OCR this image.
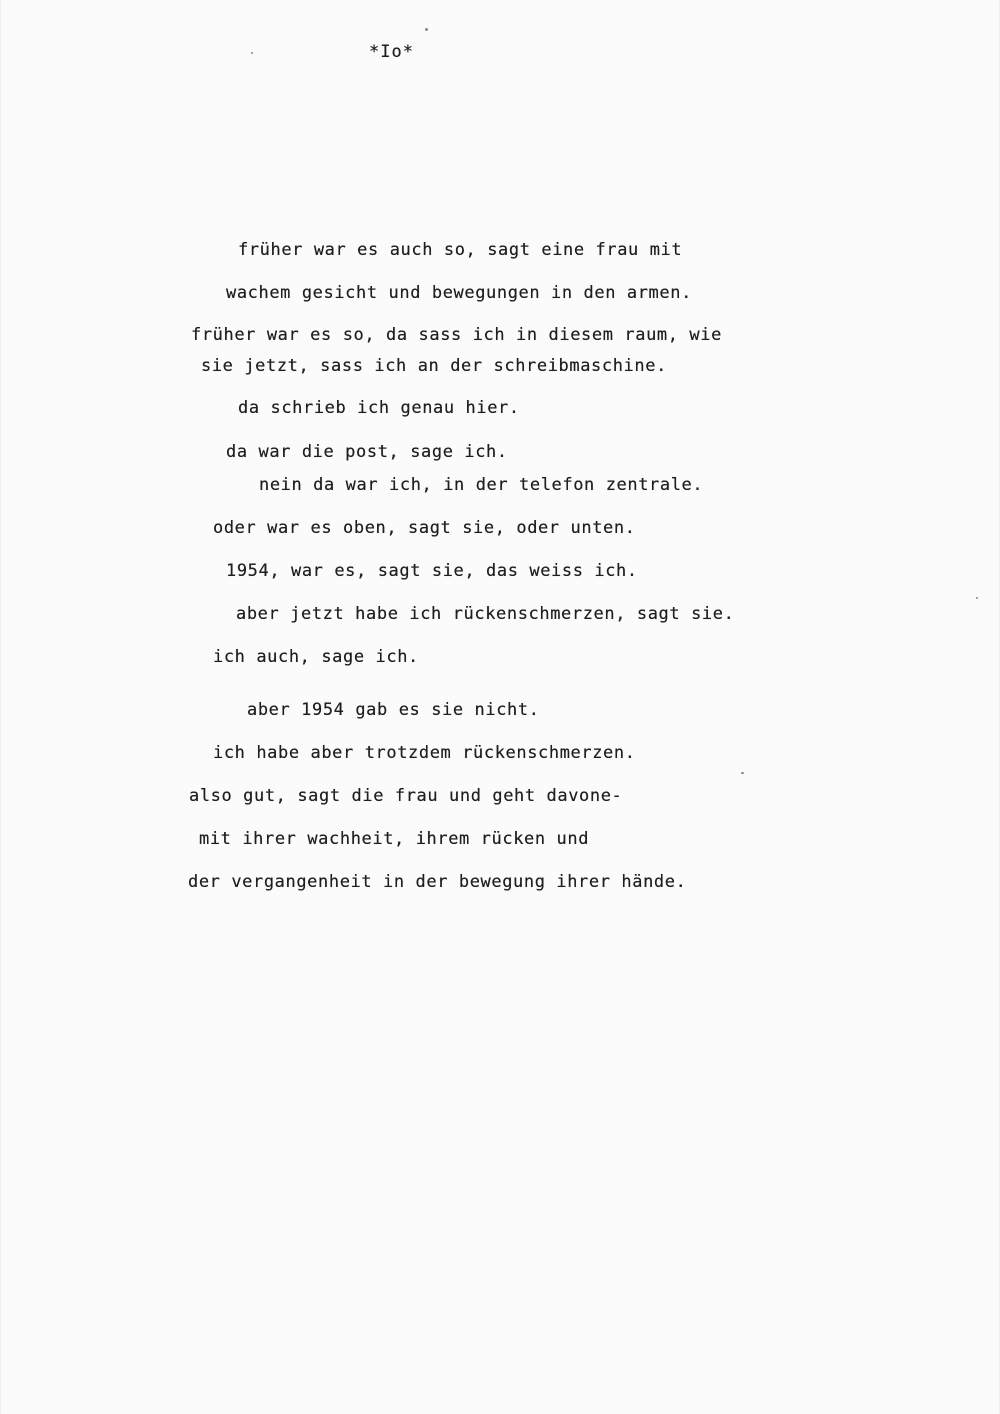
*Io*
früher war es auch so, sagt eine frau mit
wachem gesicht und bewegungen in den armen.
früher war es so, da sass ich in diesem raum, wie
sie jetzt, sass ich an der schreibmaschine.
da schrieb ich genau hier.
da war die post, sage ich.
nein da war ich, in der telefon zentrale.
oder war es oben, sagt sie, oder unten.
1954, war es, sagt sie, das weiss ich.
aber jetzt habe ich rückenschmerzen, sagt sie.
ich auch, sage ich.
aber 1954 gab es sie nicht.
ich habe aber trotzdem rückenschmerzen.
also gut, sagt die frau und geht davone-
mit ihrer wachheit, ihrem rücken und
der vergangenheit in der bewegung ihrer hände.
